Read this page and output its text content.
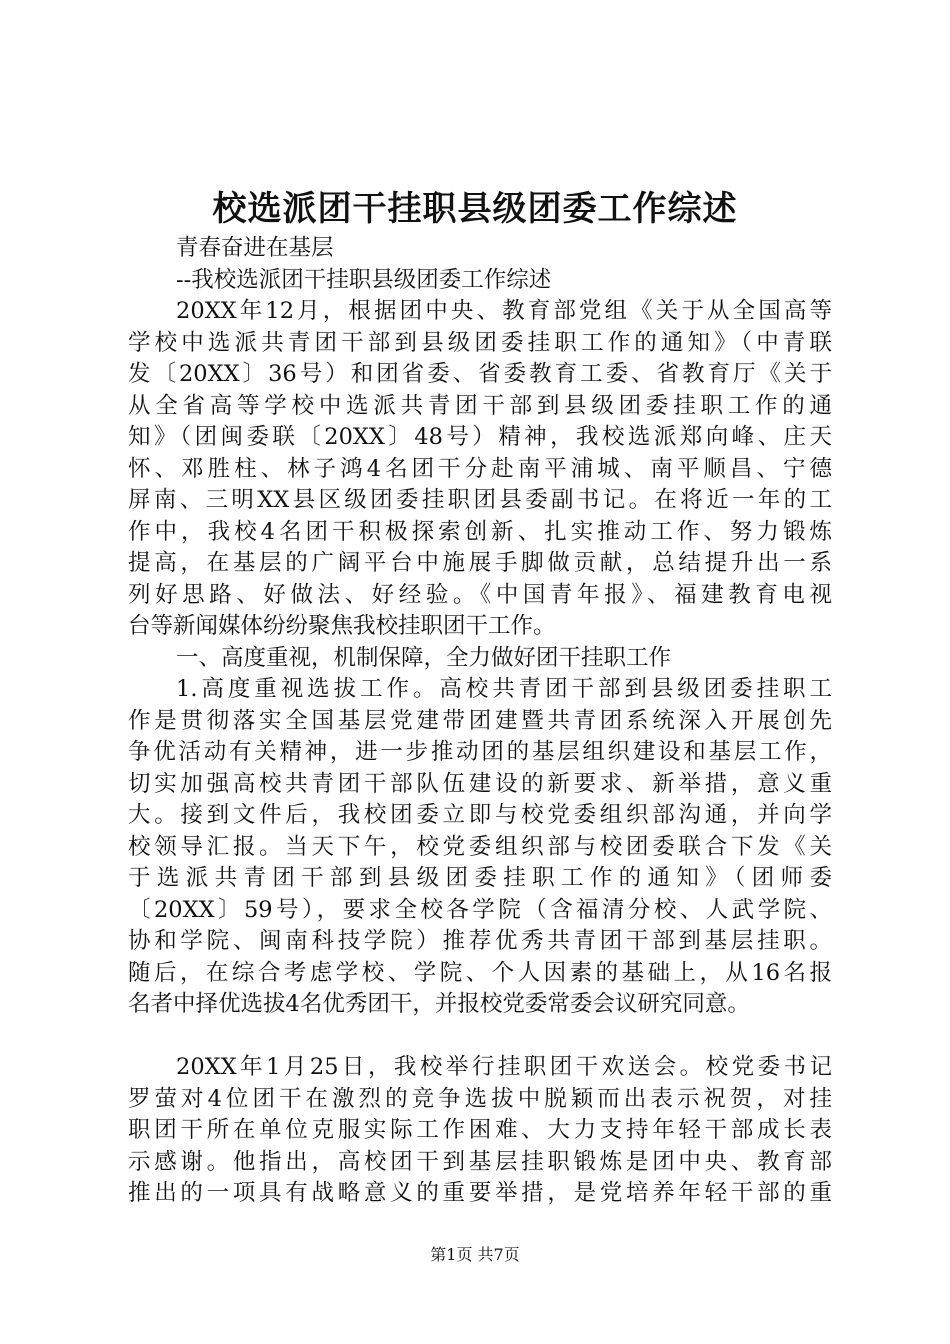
校选派团干挂职县级团委工作综述
青春奋进在基层
--我校选派团干挂职县级团委工作综述
20XX年12月，根据团中央、教育部党组《关于从全国高等
学校中选派共青团干部到县级团委挂职工作的通知》（中青联
发〔20XX〕36号）和团省委、省委教育工委、省教育厅《关于
从全省高等学校中选派共青团干部到县级团委挂职工作的通
知》（团闽委联〔20XX〕48号）精神，我校选派郑向峰、庄天
怀、邓胜柱、林子鸿4名团干分赴南平浦城、南平顺昌、宁德
屏南、三明XX县区级团委挂职团县委副书记。在将近一年的工
作中，我校4名团干积极探索创新、扎实推动工作、努力锻炼
提高，在基层的广阔平台中施展手脚做贡献，总结提升出一系
列好思路、好做法、好经验。《中国青年报》、福建教育电视
台等新闻媒体纷纷聚焦我校挂职团干工作。
一、高度重视，机制保障，全力做好团干挂职工作
1.高度重视选拔工作。高校共青团干部到县级团委挂职工
作是贯彻落实全国基层党建带团建暨共青团系统深入开展创先
争优活动有关精神，进一步推动团的基层组织建设和基层工作，
切实加强高校共青团干部队伍建设的新要求、新举措，意义重
大。接到文件后，我校团委立即与校党委组织部沟通，并向学
校领导汇报。当天下午，校党委组织部与校团委联合下发《关
于选派共青团干部到县级团委挂职工作的通知》（团师委
〔20XX〕59号），要求全校各学院（含福清分校、人武学院、
协和学院、闽南科技学院）推荐优秀共青团干部到基层挂职。
随后，在综合考虑学校、学院、个人因素的基础上，从16名报
名者中择优选拔4名优秀团干，并报校党委常委会议研究同意。
20XX年1月25日，我校举行挂职团干欢送会。校党委书记
罗萤对4位团干在激烈的竞争选拔中脱颖而出表示祝贺，对挂
职团干所在单位克服实际工作困难、大力支持年轻干部成长表
示感谢。他指出，高校团干到基层挂职锻炼是团中央、教育部
推出的一项具有战略意义的重要举措，是党培养年轻干部的重
第1页 共7页
